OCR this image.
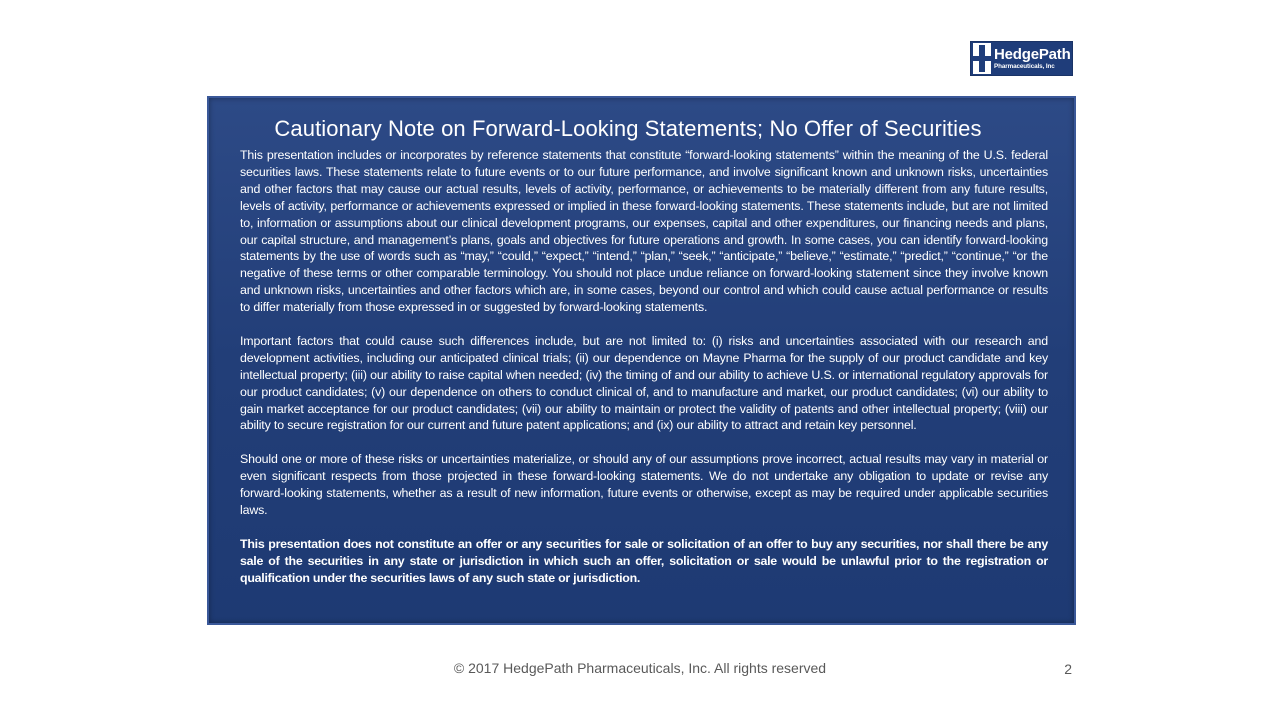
HedgePath
Pharmaceuticals, Inc
Cautionary Note on Forward-Looking Statements; No Offer of Securities

This presentation includes or incorporates by reference statements that constitute “forward-looking statements” within the meaning of the U.S. federal securities laws. These statements relate to future events or to our future performance, and involve significant known and unknown risks, uncertainties and other factors that may cause our actual results, levels of activity, performance, or achievements to be materially different from any future results, levels of activity, performance or achievements expressed or implied in these forward-looking statements. These statements include, but are not limited to, information or assumptions about our clinical development programs, our expenses, capital and other expenditures, our financing needs and plans, our capital structure, and management’s plans, goals and objectives for future operations and growth. In some cases, you can identify forward-looking statements by the use of words such as “may,” “could,” “expect,” “intend,” “plan,” “seek,” “anticipate,” “believe,” “estimate,” “predict,” “continue,” “or the negative of these terms or other comparable terminology. You should not place undue reliance on forward-looking statement since they involve known and unknown risks, uncertainties and other factors which are, in some cases, beyond our control and which could cause actual performance or results to differ materially from those expressed in or suggested by forward-looking statements.

Important factors that could cause such differences include, but are not limited to: (i) risks and uncertainties associated with our research and development activities, including our anticipated clinical trials; (ii) our dependence on Mayne Pharma for the supply of our product candidate and key intellectual property; (iii) our ability to raise capital when needed; (iv) the timing of and our ability to achieve U.S. or international regulatory approvals for our product candidates; (v) our dependence on others to conduct clinical of, and to manufacture and market, our product candidates; (vi) our ability to gain market acceptance for our product candidates; (vii) our ability to maintain or protect the validity of patents and other intellectual property; (viii) our ability to secure registration for our current and future patent applications; and (ix) our ability to attract and retain key personnel.

Should one or more of these risks or uncertainties materialize, or should any of our assumptions prove incorrect, actual results may vary in material or even significant respects from those projected in these forward-looking statements. We do not undertake any obligation to update or revise any forward-looking statements, whether as a result of new information, future events or otherwise, except as may be required under applicable securities laws.

This presentation does not constitute an offer or any securities for sale or solicitation of an offer to buy any securities, nor shall there be any sale of the securities in any state or jurisdiction in which such an offer, solicitation or sale would be unlawful prior to the registration or qualification under the securities laws of any such state or jurisdiction.

© 2017 HedgePath Pharmaceuticals, Inc. All rights reserved	2
